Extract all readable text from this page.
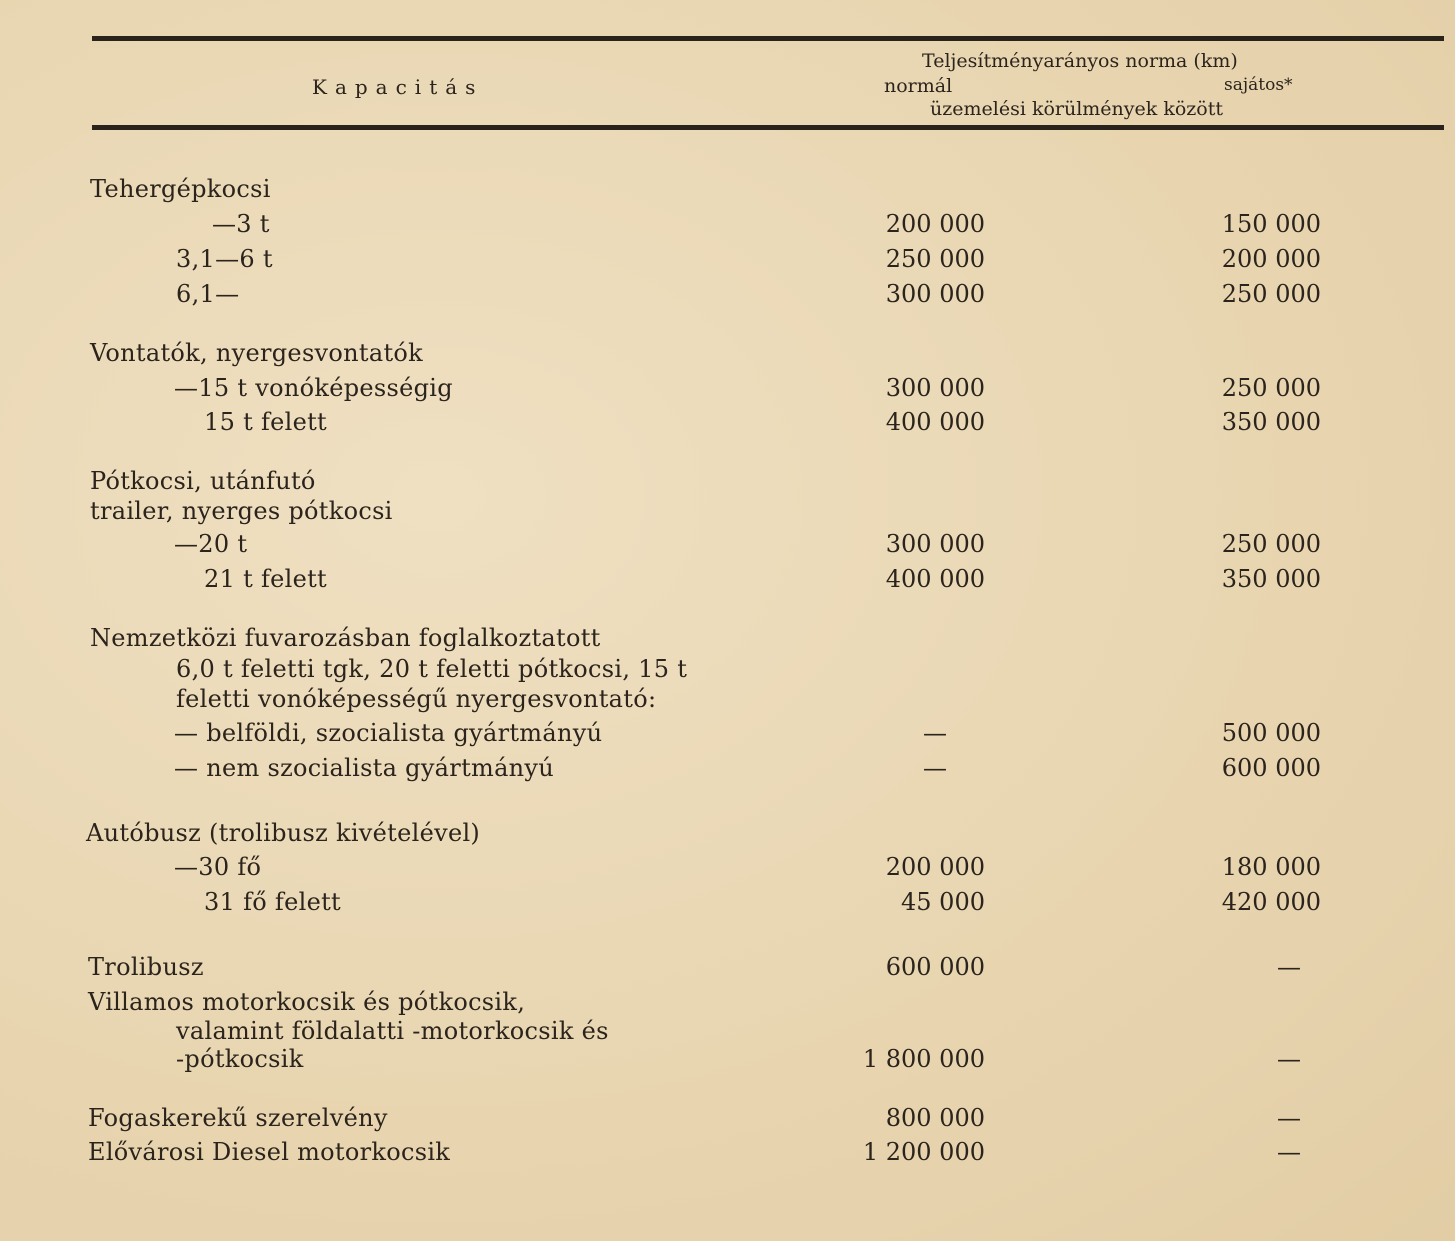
Kapacitás
Teljesítményarányos norma (km)
normál	sajátos*
üzemelési körülmények között
Tehergépkocsi
—3 t	200 000	150 000
3,1—6 t	250 000	200 000
6,1—	300 000	250 000
Vontatók, nyergesvontatók
—15 t vonóképességig	300 000	250 000
15 t felett	400 000	350 000
Pótkocsi, utánfutó
trailer, nyerges pótkocsi
—20 t	300 000	250 000
21 t felett	400 000	350 000
Nemzetközi fuvarozásban foglalkoztatott
6,0 t feletti tgk, 20 t feletti pótkocsi, 15 t
feletti vonóképességű nyergesvontató:
— belföldi, szocialista gyártmányú	—	500 000
— nem szocialista gyártmányú	—	600 000
Autóbusz (trolibusz kivételével)
—30 fő	200 000	180 000
31 fő felett	45 000	420 000
Trolibusz	600 000	—
Villamos motorkocsik és pótkocsik,
valamint földalatti -motorkocsik és
-pótkocsik	1 800 000	—
Fogaskerekű szerelvény	800 000	—
Elővárosi Diesel motorkocsik	1 200 000	—
